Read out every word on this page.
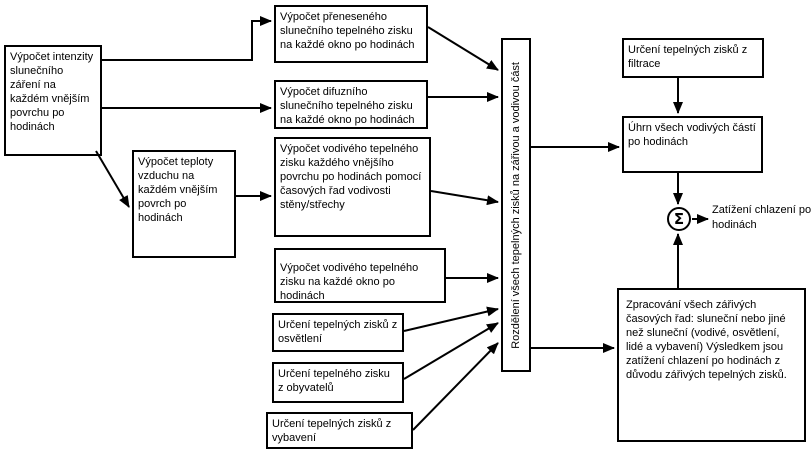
Výpočet intenzity slunečního záření na každém vnějším povrchu po hodinách
Výpočet teploty vzduchu na každém vnějším povrch po hodinách
Výpočet přeneseného slunečního tepelného zisku na každé okno po hodinách
Výpočet difuzního slunečního tepelného zisku na každé okno po hodinách
Výpočet vodivého tepelného zisku každého vnějšího povrchu po hodinách pomocí časových řad vodivosti stěny/střechy
Výpočet vodivého tepelného zisku na každé okno po hodinách
Určení tepelných zisků z osvětlení
Určení tepelného zisku z obyvatelů
Určení tepelných zisků z vybavení
Rozdělení všech tepelných zisků na zářivou a vodivou část
Určení tepelných zisků z filtrace
Úhrn všech vodivých částí po hodinách
Zpracování všech zářivých časových řad: sluneční nebo jiné než sluneční (vodivé, osvětlení, lidé a vybavení) Výsledkem jsou zatížení chlazení po hodinách z důvodu zářivých tepelných zisků.
Σ	Zatížení chlazení po hodinách
